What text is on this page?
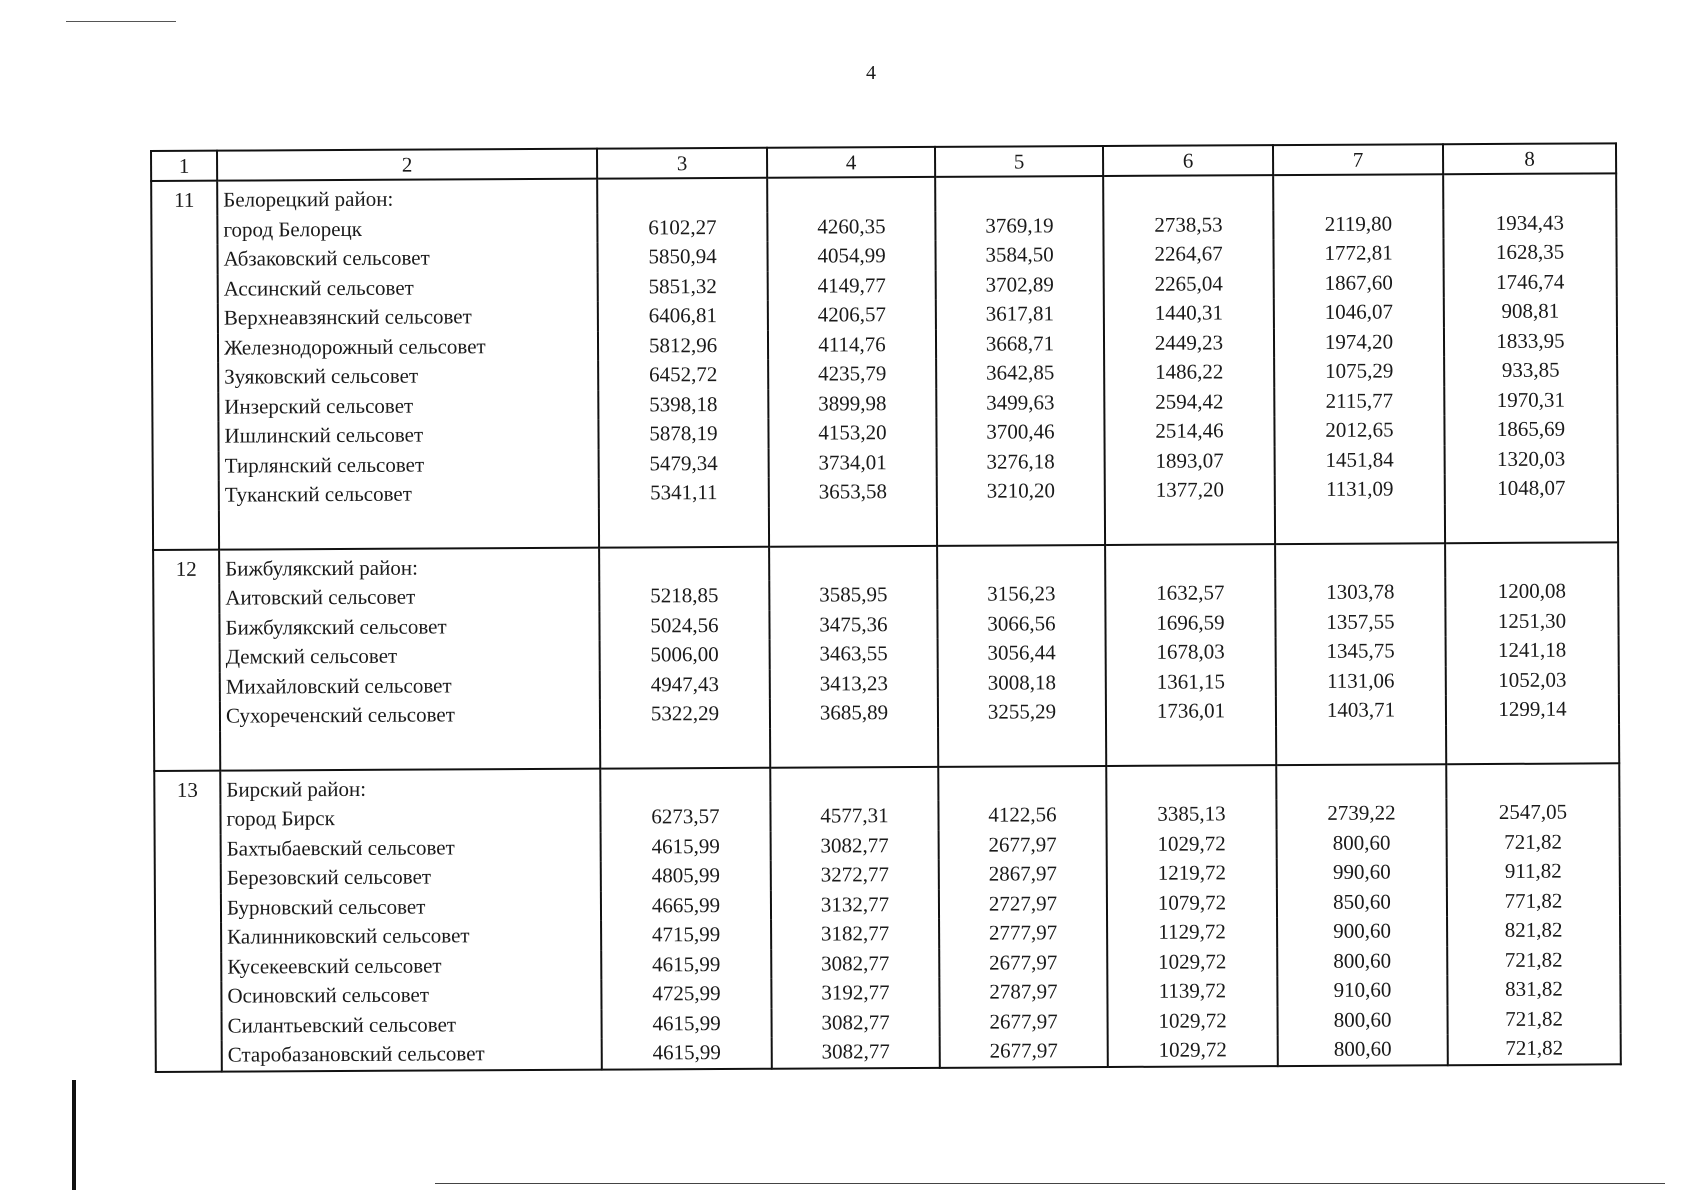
4
1	2	3	4	5	6	7	8
11	Белорецкий район:						
	город Белорецк	6102,27	4260,35	3769,19	2738,53	2119,80	1934,43
	Абзаковский сельсовет	5850,94	4054,99	3584,50	2264,67	1772,81	1628,35
	Ассинский сельсовет	5851,32	4149,77	3702,89	2265,04	1867,60	1746,74
	Верхнеавзянский сельсовет	6406,81	4206,57	3617,81	1440,31	1046,07	908,81
	Железнодорожный сельсовет	5812,96	4114,76	3668,71	2449,23	1974,20	1833,95
	Зуяковский сельсовет	6452,72	4235,79	3642,85	1486,22	1075,29	933,85
	Инзерский сельсовет	5398,18	3899,98	3499,63	2594,42	2115,77	1970,31
	Ишлинский сельсовет	5878,19	4153,20	3700,46	2514,46	2012,65	1865,69
	Тирлянский сельсовет	5479,34	3734,01	3276,18	1893,07	1451,84	1320,03
	Туканский сельсовет	5341,11	3653,58	3210,20	1377,20	1131,09	1048,07

12	Бижбулякский район:						
	Аитовский сельсовет	5218,85	3585,95	3156,23	1632,57	1303,78	1200,08
	Бижбулякский сельсовет	5024,56	3475,36	3066,56	1696,59	1357,55	1251,30
	Демский сельсовет	5006,00	3463,55	3056,44	1678,03	1345,75	1241,18
	Михайловский сельсовет	4947,43	3413,23	3008,18	1361,15	1131,06	1052,03
	Сухореченский сельсовет	5322,29	3685,89	3255,29	1736,01	1403,71	1299,14

13	Бирский район:						
	город Бирск	6273,57	4577,31	4122,56	3385,13	2739,22	2547,05
	Бахтыбаевский сельсовет	4615,99	3082,77	2677,97	1029,72	800,60	721,82
	Березовский сельсовет	4805,99	3272,77	2867,97	1219,72	990,60	911,82
	Бурновский сельсовет	4665,99	3132,77	2727,97	1079,72	850,60	771,82
	Калинниковский сельсовет	4715,99	3182,77	2777,97	1129,72	900,60	821,82
	Кусекеевский сельсовет	4615,99	3082,77	2677,97	1029,72	800,60	721,82
	Осиновский сельсовет	4725,99	3192,77	2787,97	1139,72	910,60	831,82
	Силантьевский сельсовет	4615,99	3082,77	2677,97	1029,72	800,60	721,82
	Старобазановский сельсовет	4615,99	3082,77	2677,97	1029,72	800,60	721,82
